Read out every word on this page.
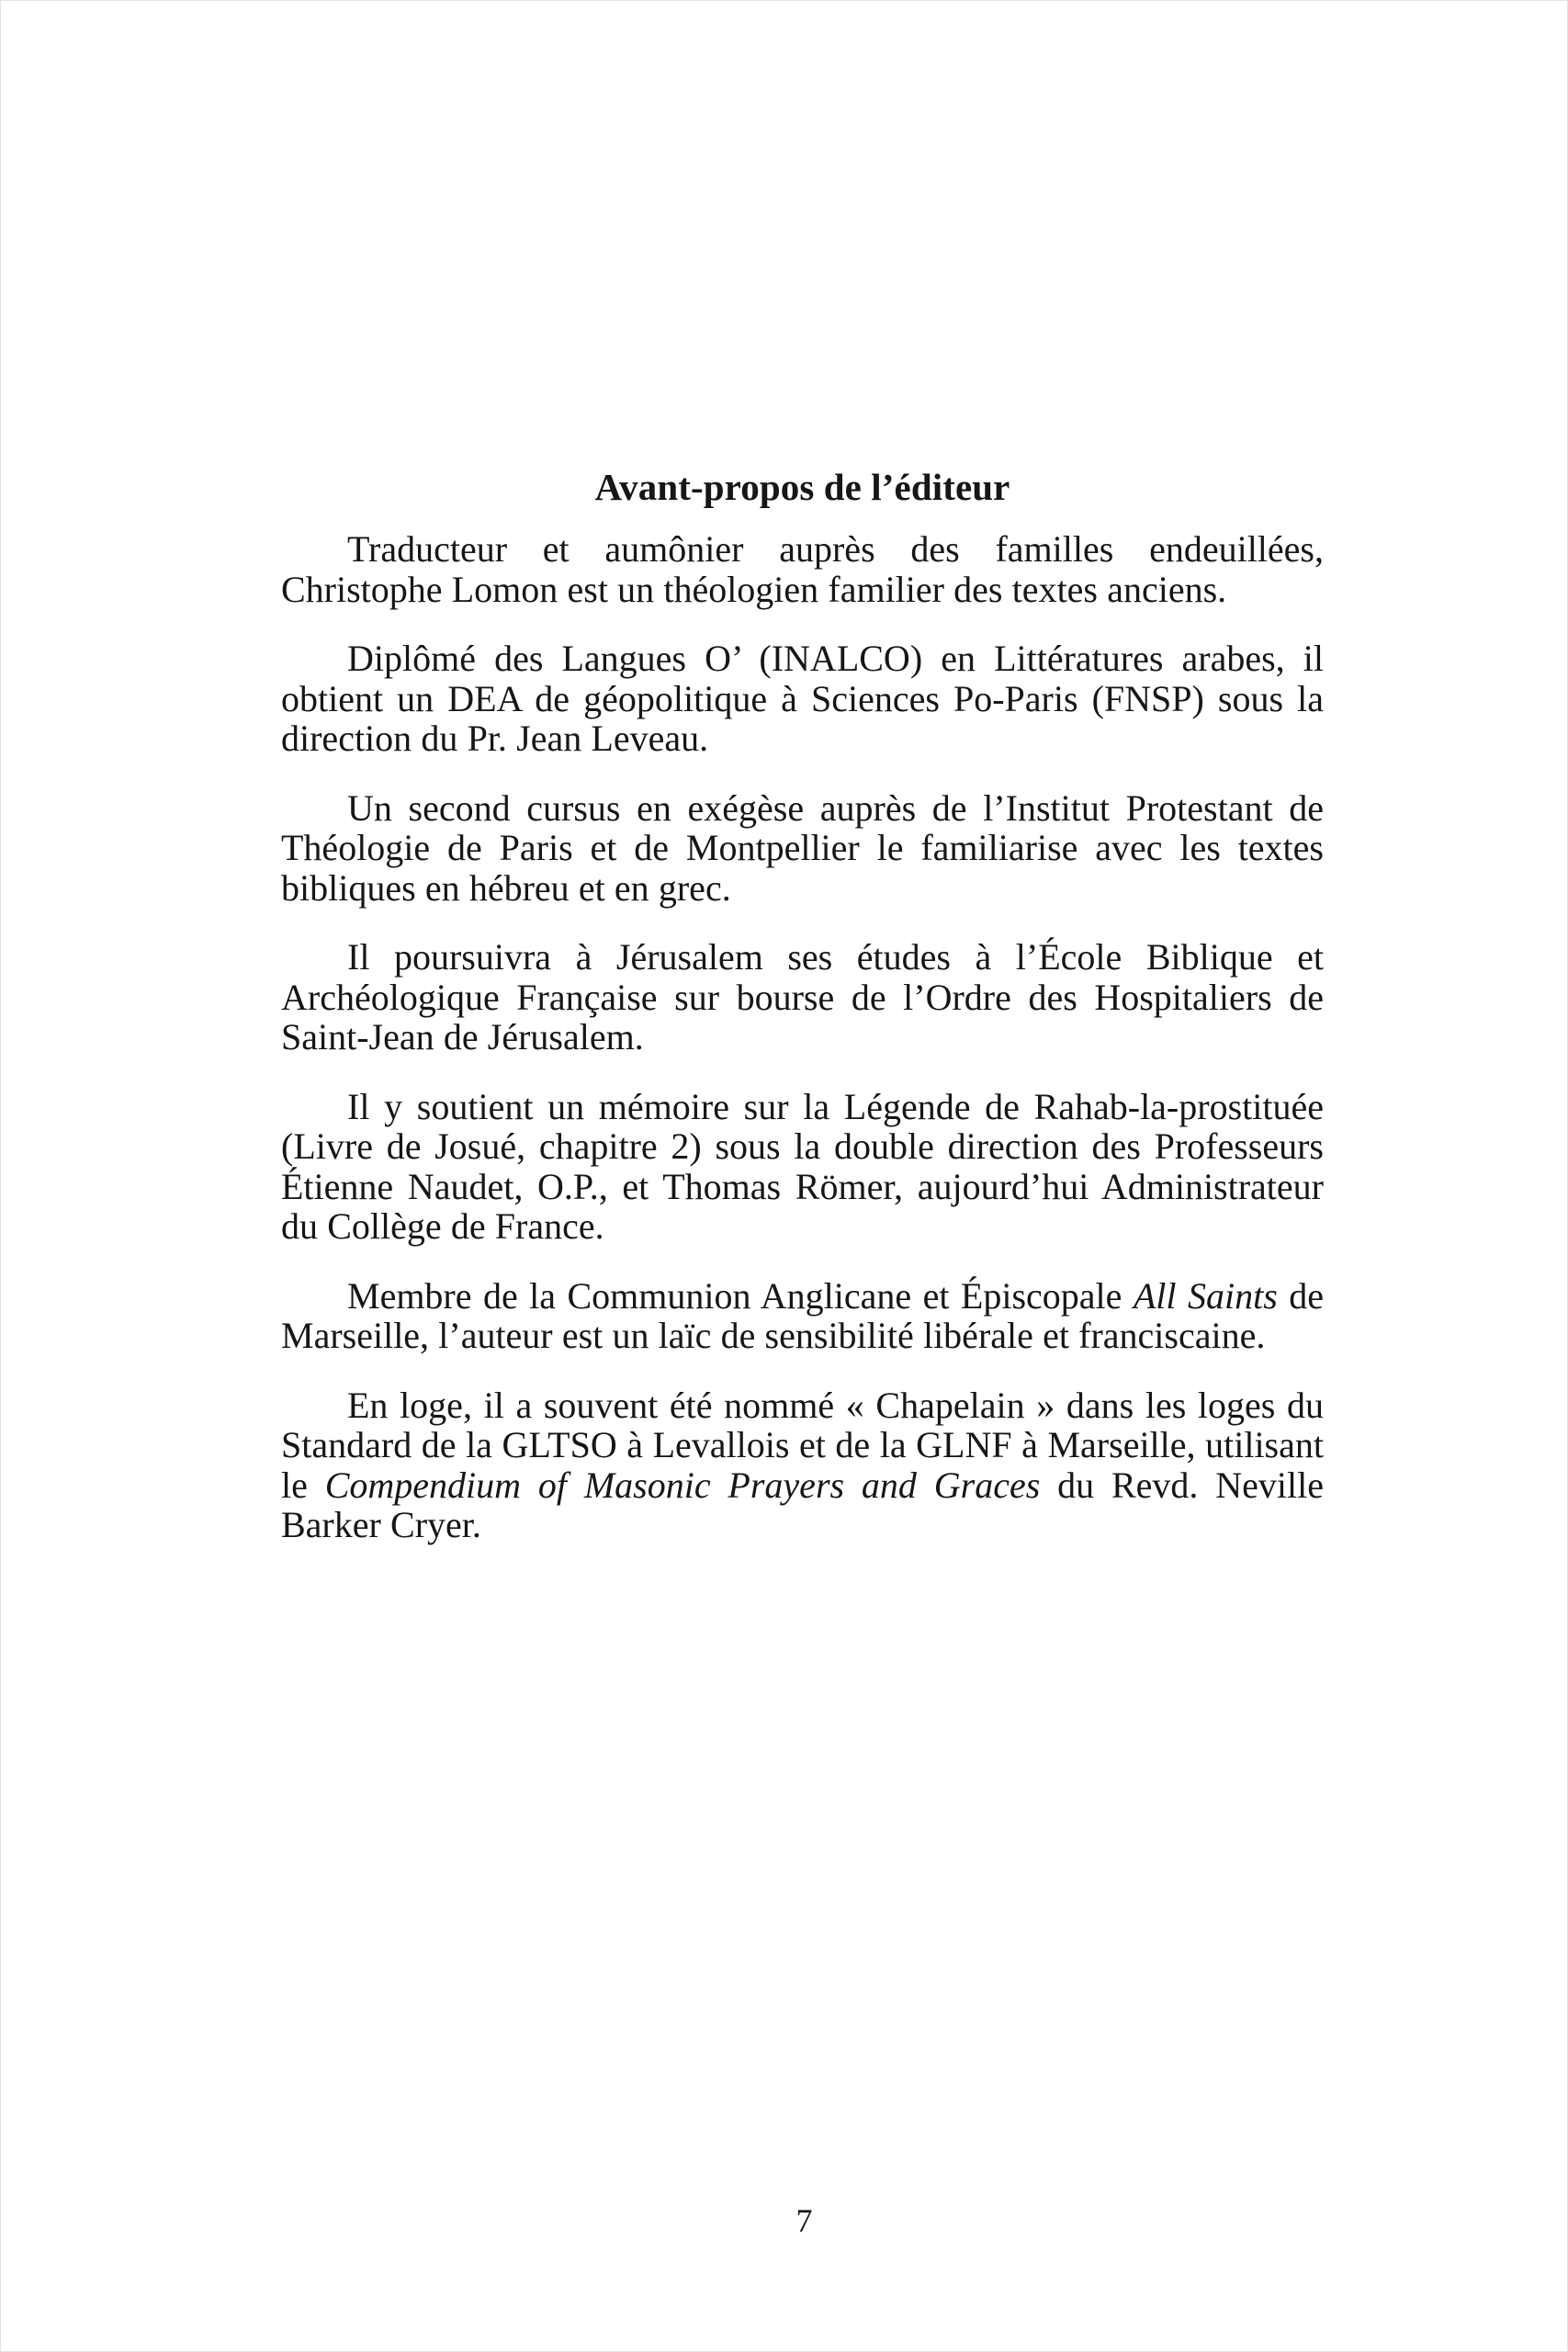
Avant-propos de l’éditeur

Traducteur et aumônier auprès des familles endeuillées, Christophe Lomon est un théologien familier des textes anciens.

Diplômé des Langues O’ (INALCO) en Littératures arabes, il obtient un DEA de géopolitique à Sciences Po-Paris (FNSP) sous la direction du Pr. Jean Leveau.

Un second cursus en exégèse auprès de l’Institut Protestant de Théologie de Paris et de Montpellier le familiarise avec les textes bibliques en hébreu et en grec.

Il poursuivra à Jérusalem ses études à l’École Biblique et Archéologique Française sur bourse de l’Ordre des Hospitaliers de Saint-Jean de Jérusalem.

Il y soutient un mémoire sur la Légende de Rahab-la-prostituée (Livre de Josué, chapitre 2) sous la double direction des Professeurs Étienne Naudet, O.P., et Thomas Römer, aujourd’hui Administrateur du Collège de France.

Membre de la Communion Anglicane et Épiscopale All Saints de Marseille, l’auteur est un laïc de sensibilité libérale et franciscaine.

En loge, il a souvent été nommé « Chapelain » dans les loges du Standard de la GLTSO à Levallois et de la GLNF à Marseille, utilisant le Compendium of Masonic Prayers and Graces du Revd. Neville Barker Cryer.

7
